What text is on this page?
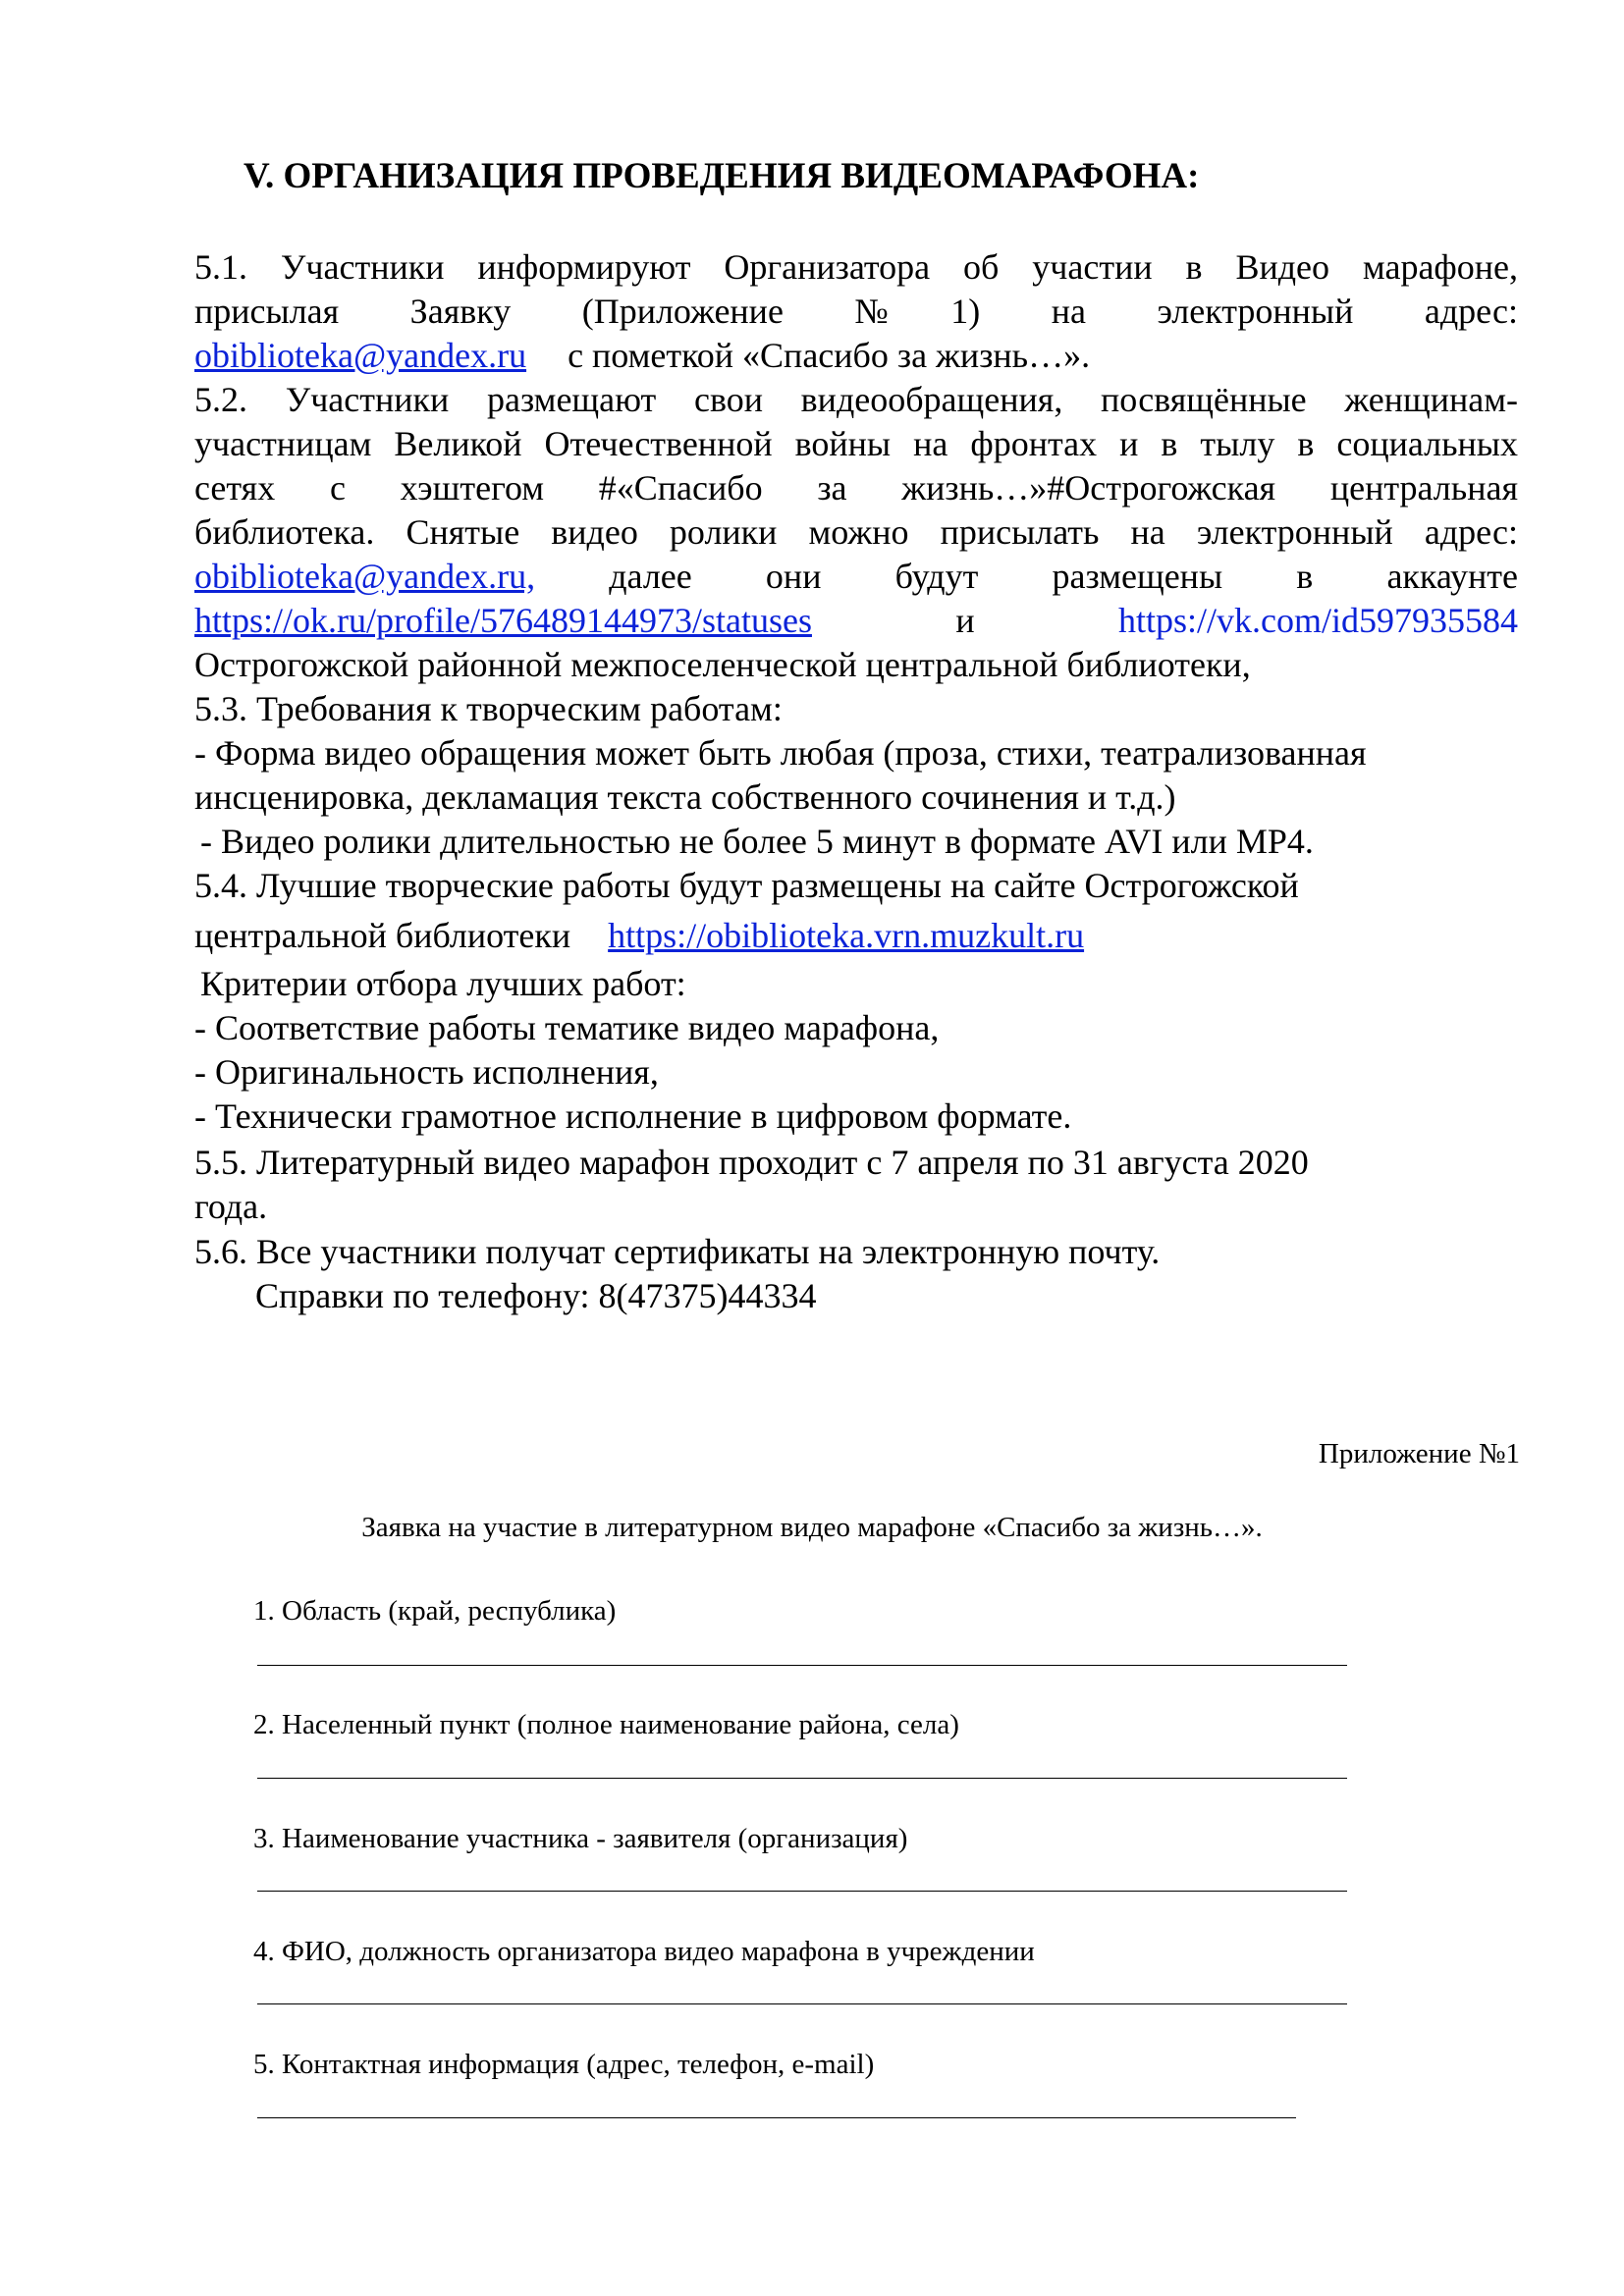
V. ОРГАНИЗАЦИЯ ПРОВЕДЕНИЯ ВИДЕОМАРАФОНА:
5.1. Участники информируют Организатора об участии в Видео марафоне,
присылая Заявку (Приложение №1) на электронный адрес:
obiblioteka@yandex.ru с пометкой «Спасибо за жизнь…».
5.2. Участники размещают свои видеообращения, посвящённые женщинам-
участницам Великой Отечественной войны на фронтах и в тылу в социальных
сетях с хэштегом #«Спасибо за жизнь…»#Острогожская центральная
библиотека. Снятые видео ролики можно присылать на электронный адрес:
obiblioteka@yandex.ru, далее они будут размещены в аккаунте
https://ok.ru/profile/576489144973/statuses	и	https://vk.com/id597935584
Острогожской районной межпоселенческой центральной библиотеки,
5.3. Требования к творческим работам:
- Форма видео обращения может быть любая (проза, стихи, театрализованная
инсценировка, декламация текста собственного сочинения и т.д.)
- Видео ролики длительностью не более 5 минут в формате AVI или MP4.
5.4. Лучшие творческие работы будут размещены на сайте Острогожской
центральной библиотеки https://obiblioteka.vrn.muzkult.ru
Критерии отбора лучших работ:
- Соответствие работы тематике видео марафона,
- Оригинальность исполнения,
- Технически грамотное исполнение в цифровом формате.
5.5. Литературный видео марафон проходит с 7 апреля по 31 августа 2020
года.
5.6. Все участники получат сертификаты на электронную почту.
Справки по телефону: 8(47375)44334
Приложение №1
Заявка на участие в литературном видео марафоне «Спасибо за жизнь…».
1. Область (край, республика)
2. Населенный пункт (полное наименование района, села)
3. Наименование участника - заявителя (организация)
4. ФИО, должность организатора видео марафона в учреждении
5. Контактная информация (адрес, телефон, e-mail)
